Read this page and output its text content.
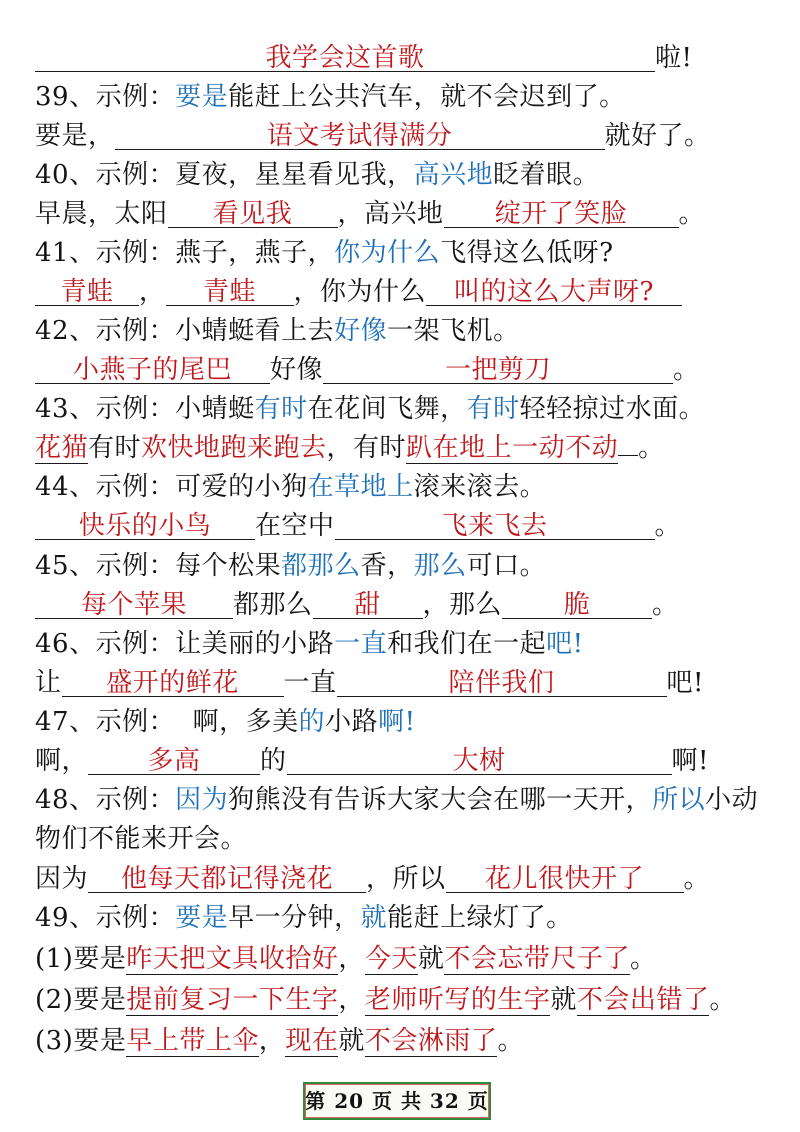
我学会这首歌	啦!
39、示例：要是能赶上公共汽车，就不会迟到了。
要是，	语文考试得满分	就好了。
40、示例：夏夜，星星看见我，高兴地眨着眼。
早晨，太阳 看见我 ，高兴地 绽开了笑脸 。
41、示例：燕子，燕子，你为什么飞得这么低呀?
青蛙 ， 青蛙 ，你为什么 叫的这么大声呀?
42、示例：小蜻蜓看上去好像一架飞机。
小燕子的尾巴 好像	一把剪刀	。
43、示例：小蜻蜓有时在花间飞舞，有时轻轻掠过水面。
花猫有时欢快地跑来跑去，有时趴在地上一动不动 。
44、示例：可爱的小狗在草地上滚来滚去。
快乐的小鸟 在空中	飞来飞去	。
45、示例：每个松果都那么香，那么可口。
每个苹果 都那么 甜 ，那么 脆 。
46、示例：让美丽的小路一直和我们在一起吧!
让 盛开的鲜花 一直	陪伴我们	吧!
47、示例：  啊，多美的小路啊!
啊， 多高 的	大树	啊!
48、示例：因为狗熊没有告诉大家大会在哪一天开，所以小动
物们不能来开会。
因为 他每天都记得浇花 ，所以 花儿很快开了 。
49、示例：要是早一分钟，就能赶上绿灯了。
(1)要是昨天把文具收拾好，今天就不会忘带尺子了。
(2)要是提前复习一下生字，老师听写的生字就不会出错了。
(3)要是早上带上伞，现在就不会淋雨了。
第 20 页 共 32 页
